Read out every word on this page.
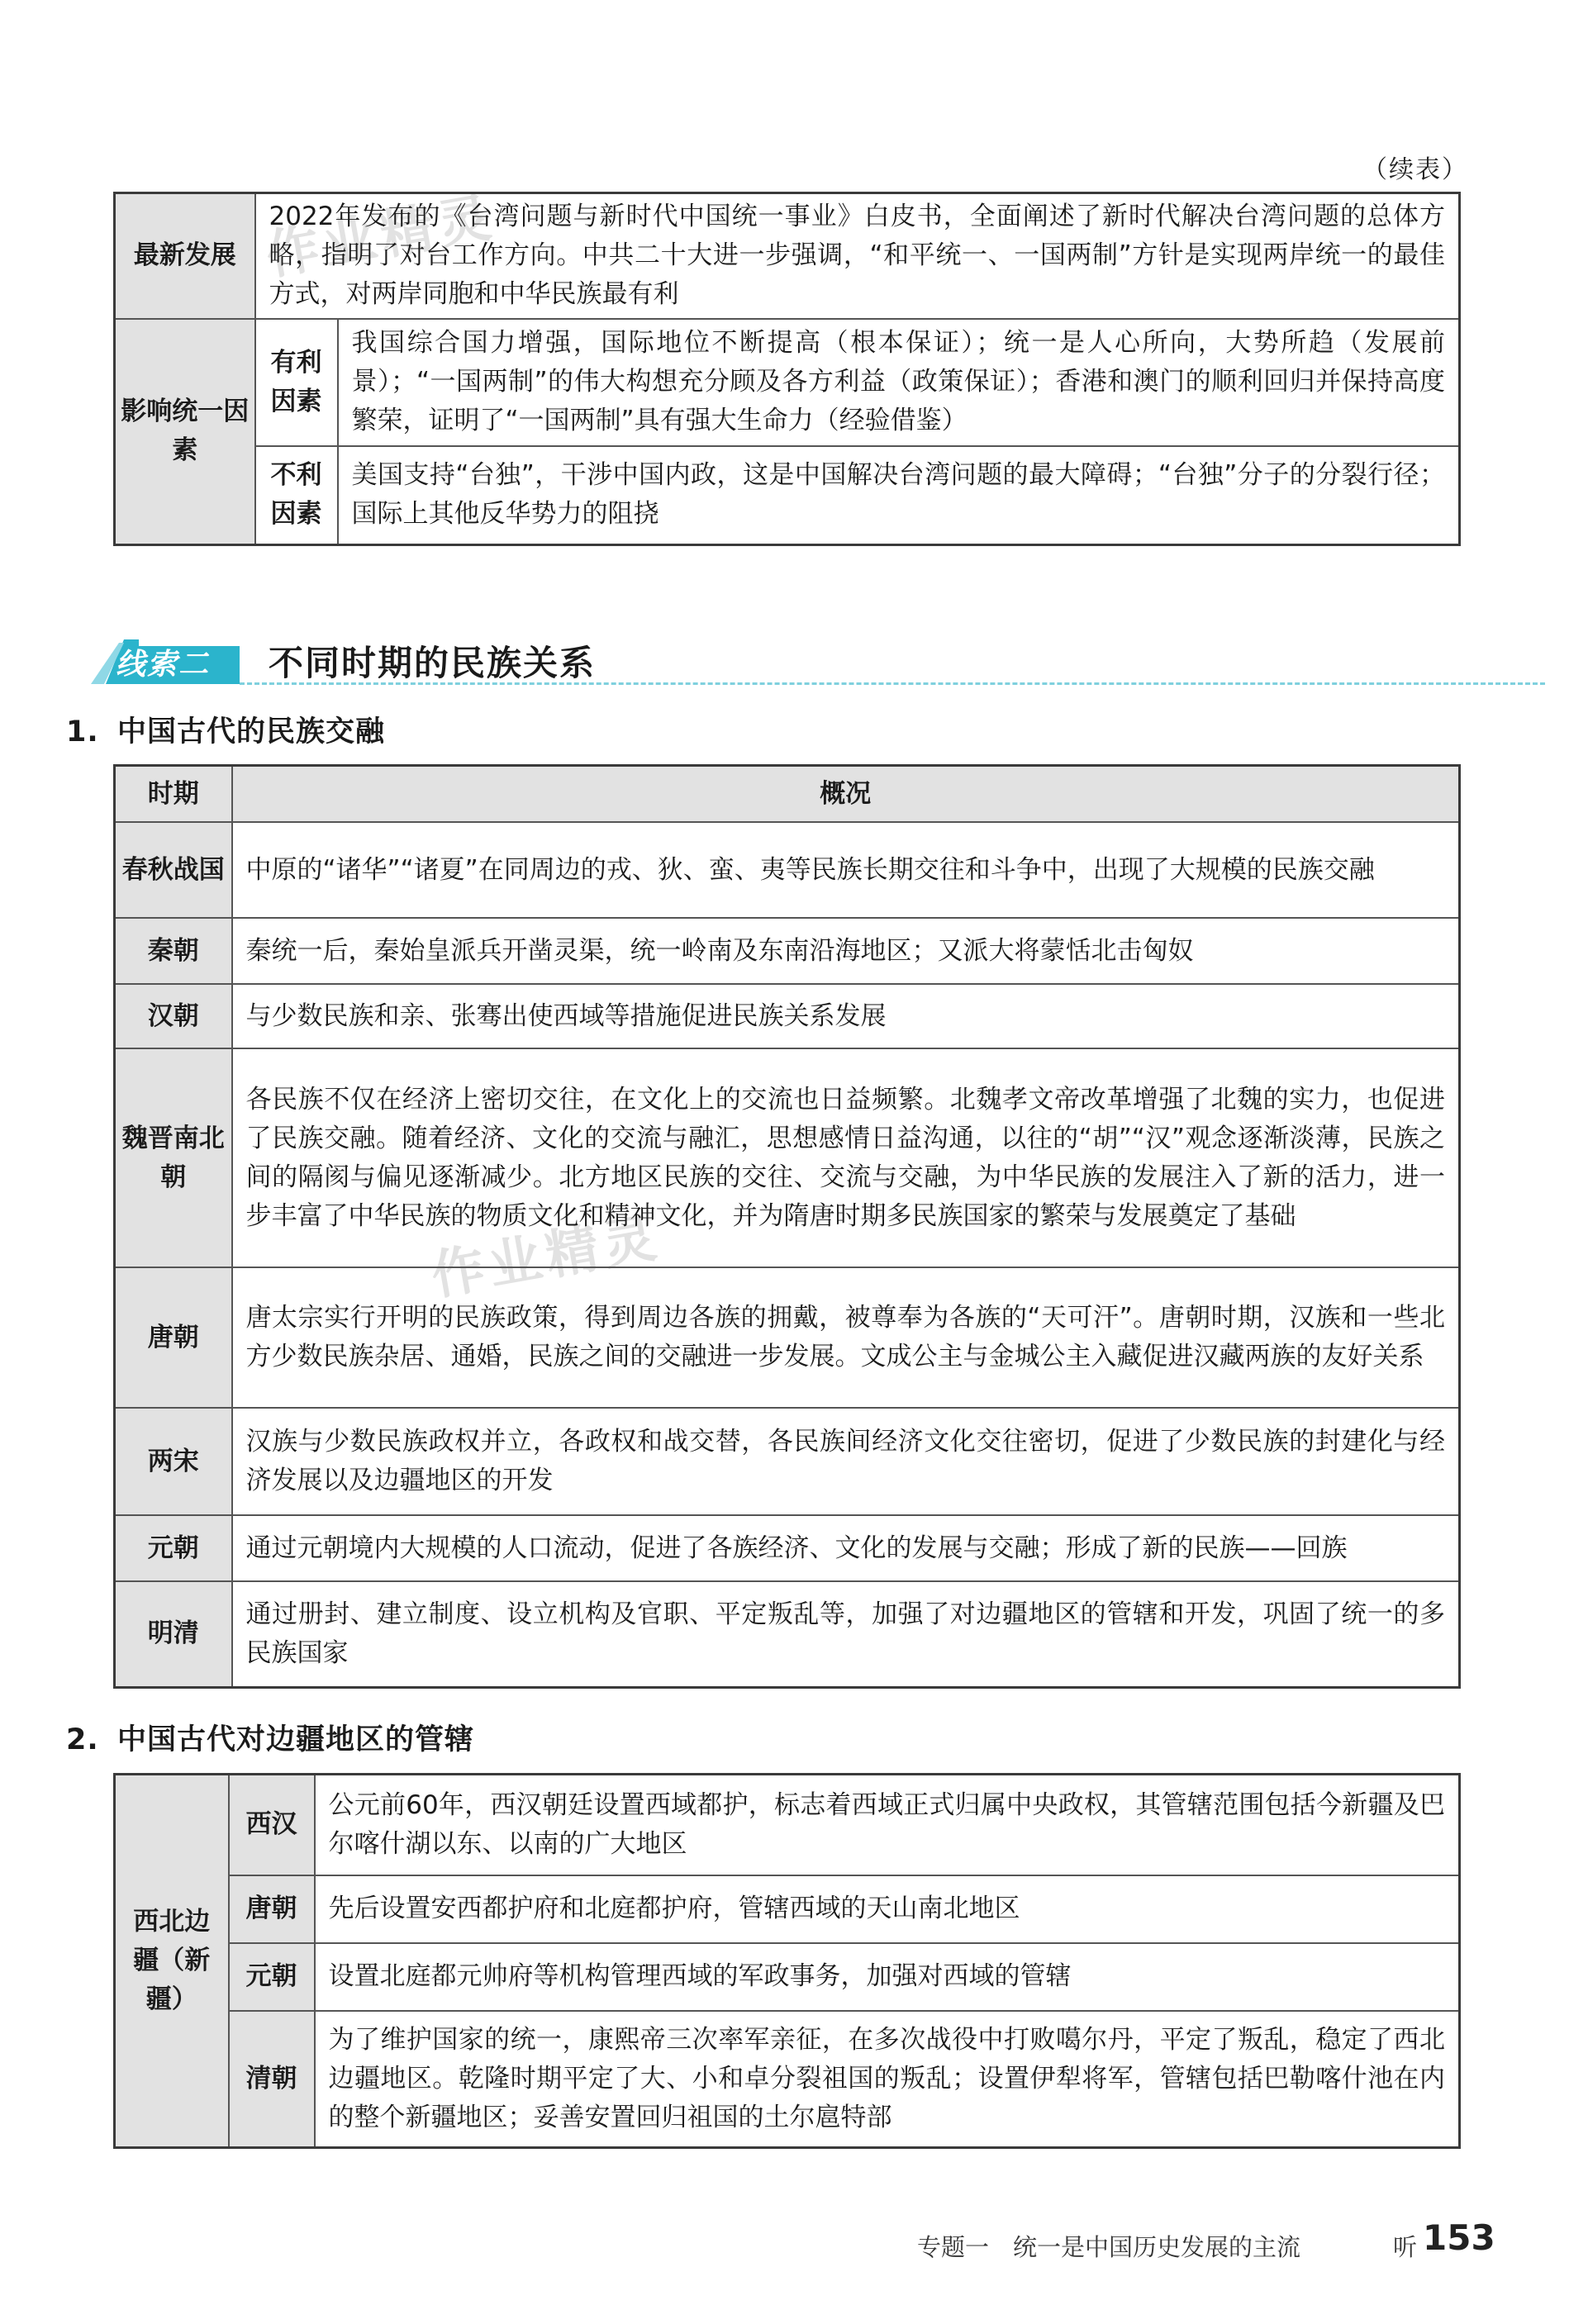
作业精灵
作业精灵
（续表）
最新发展	2022年发布的《台湾问题与新时代中国统一事业》白皮书，全面阐述了新时代解决台湾问题的总体方略，指明了对台工作方向。中共二十大进一步强调，“和平统一、一国两制”方针是实现两岸统一的最佳方式，对两岸同胞和中华民族最有利	
影响统一因素	有利因素	我国综合国力增强，国际地位不断提高（根本保证）；统一是人心所向，大势所趋（发展前景）；“一国两制”的伟大构想充分顾及各方利益（政策保证）；香港和澳门的顺利回归并保持高度繁荣，证明了“一国两制”具有强大生命力（经验借鉴）
	不利因素	美国支持“台独”，干涉中国内政，这是中国解决台湾问题的最大障碍；“台独”分子的分裂行径；国际上其他反华势力的阻挠
线索二 不同时期的民族关系
1. 中国古代的民族交融
时期	概况
春秋战国	中原的“诸华”“诸夏”在同周边的戎、狄、蛮、夷等民族长期交往和斗争中，出现了大规模的民族交融
秦朝	秦统一后，秦始皇派兵开凿灵渠，统一岭南及东南沿海地区；又派大将蒙恬北击匈奴
汉朝	与少数民族和亲、张骞出使西域等措施促进民族关系发展
魏晋南北朝	各民族不仅在经济上密切交往，在文化上的交流也日益频繁。北魏孝文帝改革增强了北魏的实力，也促进了民族交融。随着经济、文化的交流与融汇，思想感情日益沟通，以往的“胡”“汉”观念逐渐淡薄，民族之间的隔阂与偏见逐渐减少。北方地区民族的交往、交流与交融，为中华民族的发展注入了新的活力，进一步丰富了中华民族的物质文化和精神文化，并为隋唐时期多民族国家的繁荣与发展奠定了基础
唐朝	唐太宗实行开明的民族政策，得到周边各族的拥戴，被尊奉为各族的“天可汗”。唐朝时期，汉族和一些北方少数民族杂居、通婚，民族之间的交融进一步发展。文成公主与金城公主入藏促进汉藏两族的友好关系
两宋	汉族与少数民族政权并立，各政权和战交替，各民族间经济文化交往密切，促进了少数民族的封建化与经济发展以及边疆地区的开发
元朝	通过元朝境内大规模的人口流动，促进了各族经济、文化的发展与交融；形成了新的民族——回族
明清	通过册封、建立制度、设立机构及官职、平定叛乱等，加强了对边疆地区的管辖和开发，巩固了统一的多民族国家
2. 中国古代对边疆地区的管辖
西北边疆（新疆）	西汉	公元前60年，西汉朝廷设置西域都护，标志着西域正式归属中央政权，其管辖范围包括今新疆及巴尔喀什湖以东、以南的广大地区
	唐朝	先后设置安西都护府和北庭都护府，管辖西域的天山南北地区
	元朝	设置北庭都元帅府等机构管理西域的军政事务，加强对西域的管辖
	清朝	为了维护国家的统一，康熙帝三次率军亲征，在多次战役中打败噶尔丹，平定了叛乱，稳定了西北边疆地区。乾隆时期平定了大、小和卓分裂祖国的叛乱；设置伊犁将军，管辖包括巴勒喀什池在内的整个新疆地区；妥善安置回归祖国的土尔扈特部
专题一　统一是中国历史发展的主流	听 153
